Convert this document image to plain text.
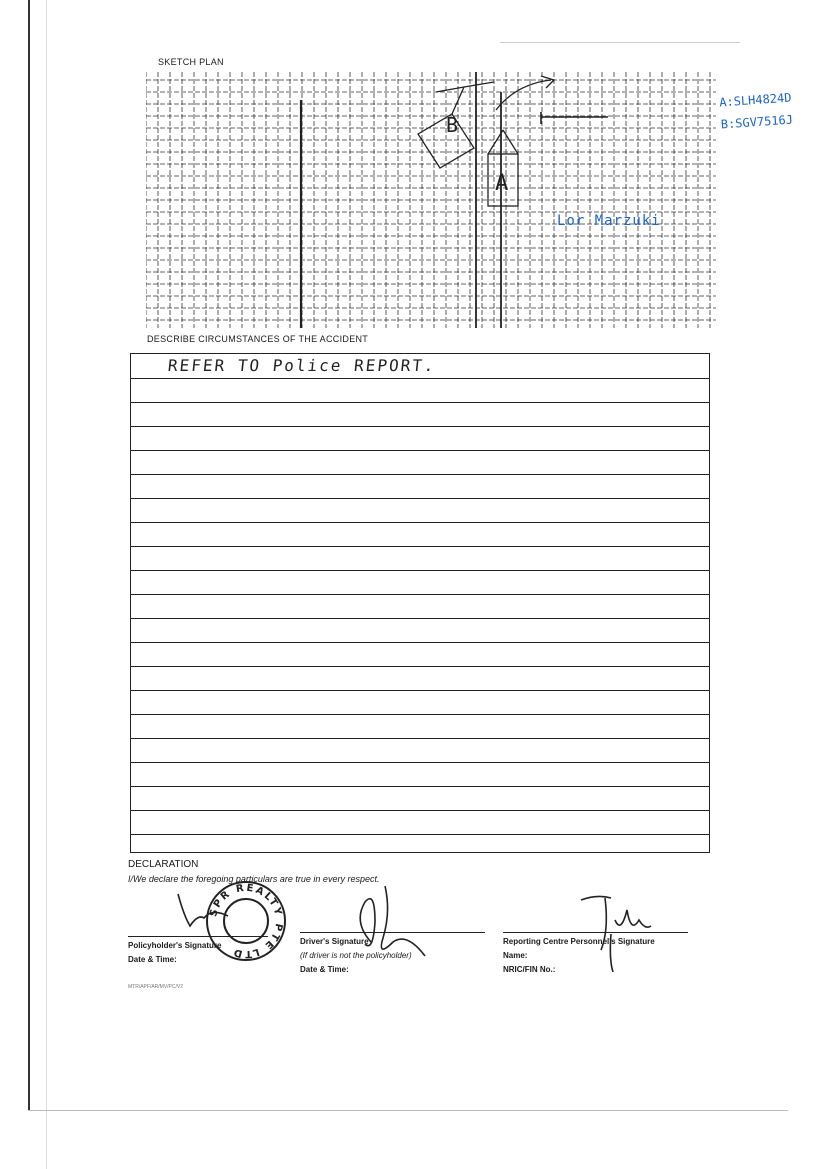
SKETCH PLAN
B
A
A:SLH4824D
B:SGV7516J
Lor Marzuki
DESCRIBE CIRCUMSTANCES OF THE ACCIDENT
REFER TO Police REPORT.
DECLARATION
I/We declare the foregoing particulars are true in every respect.
Policyholder's Signature
Date & Time:
Driver's Signature
(If driver is not the policyholder)
Date & Time:
Reporting Centre Personnel's Signature
Name:
NRIC/FIN No.:
SPR REALTY PTE LTD
MTR/APF/AR/MV/PC/V2
